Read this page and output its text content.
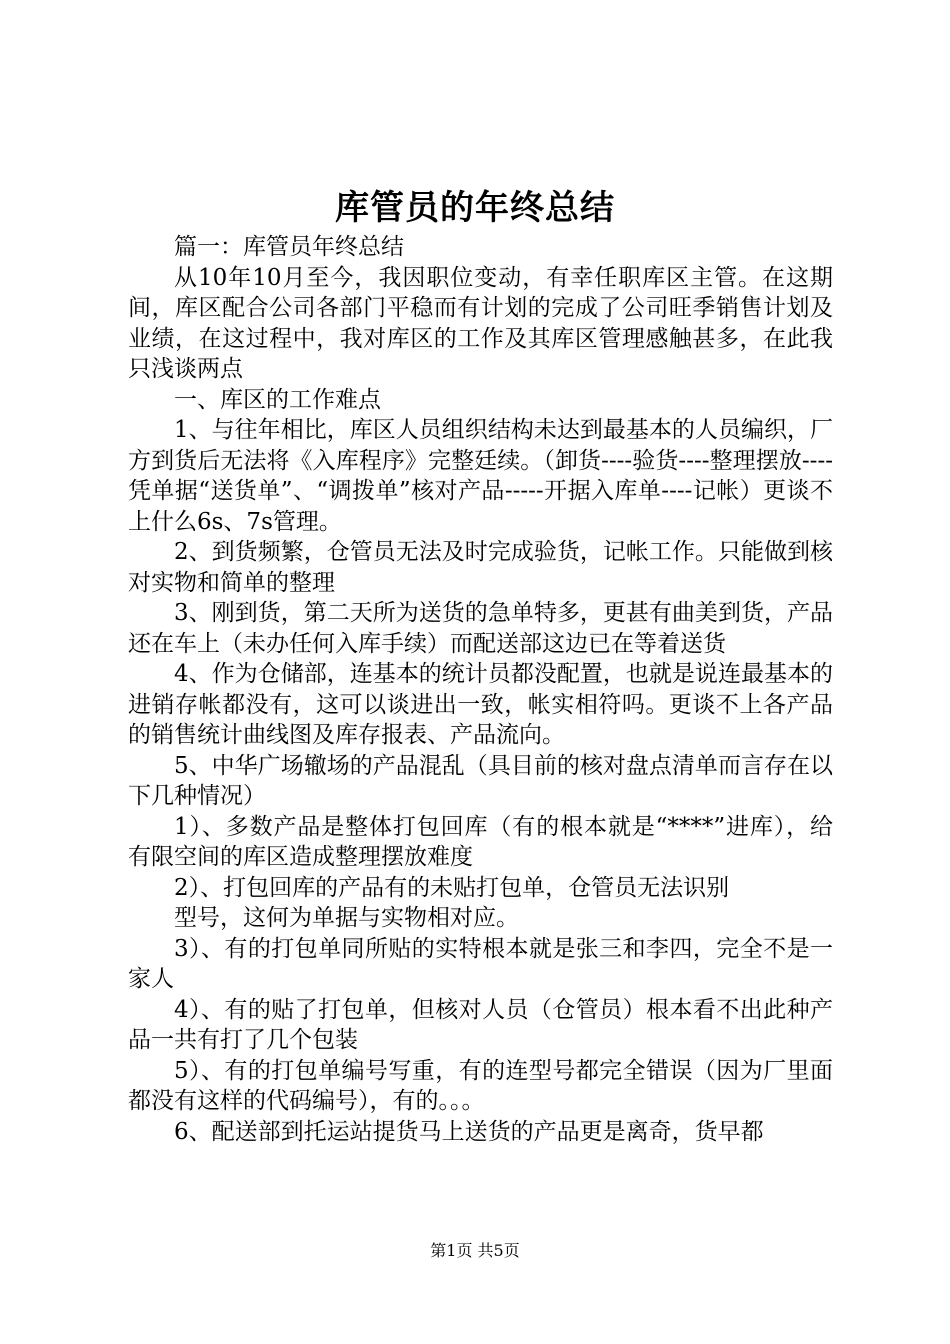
库管员的年终总结

篇一：库管员年终总结

从10年10月至今，我因职位变动，有幸任职库区主管。在这期间，库区配合公司各部门平稳而有计划的完成了公司旺季销售计划及业绩，在这过程中，我对库区的工作及其库区管理感触甚多，在此我只浅谈两点

一、库区的工作难点

1、与往年相比，库区人员组织结构未达到最基本的人员编织，厂方到货后无法将《入库程序》完整廷续。（卸货----验货----整理摆放----凭单据“送货单”、“调拨单”核对产品-----开据入库单----记帐）更谈不上什么6s、7s管理。

2、到货频繁，仓管员无法及时完成验货，记帐工作。只能做到核对实物和简单的整理

3、刚到货，第二天所为送货的急单特多，更甚有曲美到货，产品还在车上（未办任何入库手续）而配送部这边已在等着送货

4、作为仓储部，连基本的统计员都没配置，也就是说连最基本的进销存帐都没有，这可以谈进出一致，帐实相符吗。更谈不上各产品的销售统计曲线图及库存报表、产品流向。

5、中华广场辙场的产品混乱（具目前的核对盘点清单而言存在以下几种情况）

1）、多数产品是整体打包回库（有的根本就是“****”进库），给有限空间的库区造成整理摆放难度

2）、打包回库的产品有的未贴打包单，仓管员无法识别

型号，这何为单据与实物相对应。

3）、有的打包单同所贴的实特根本就是张三和李四，完全不是一家人

4）、有的贴了打包单，但核对人员（仓管员）根本看不出此种产品一共有打了几个包装

5）、有的打包单编号写重，有的连型号都完全错误（因为厂里面都没有这样的代码编号），有的。。。

6、配送部到托运站提货马上送货的产品更是离奇，货早都

第1页 共5页
